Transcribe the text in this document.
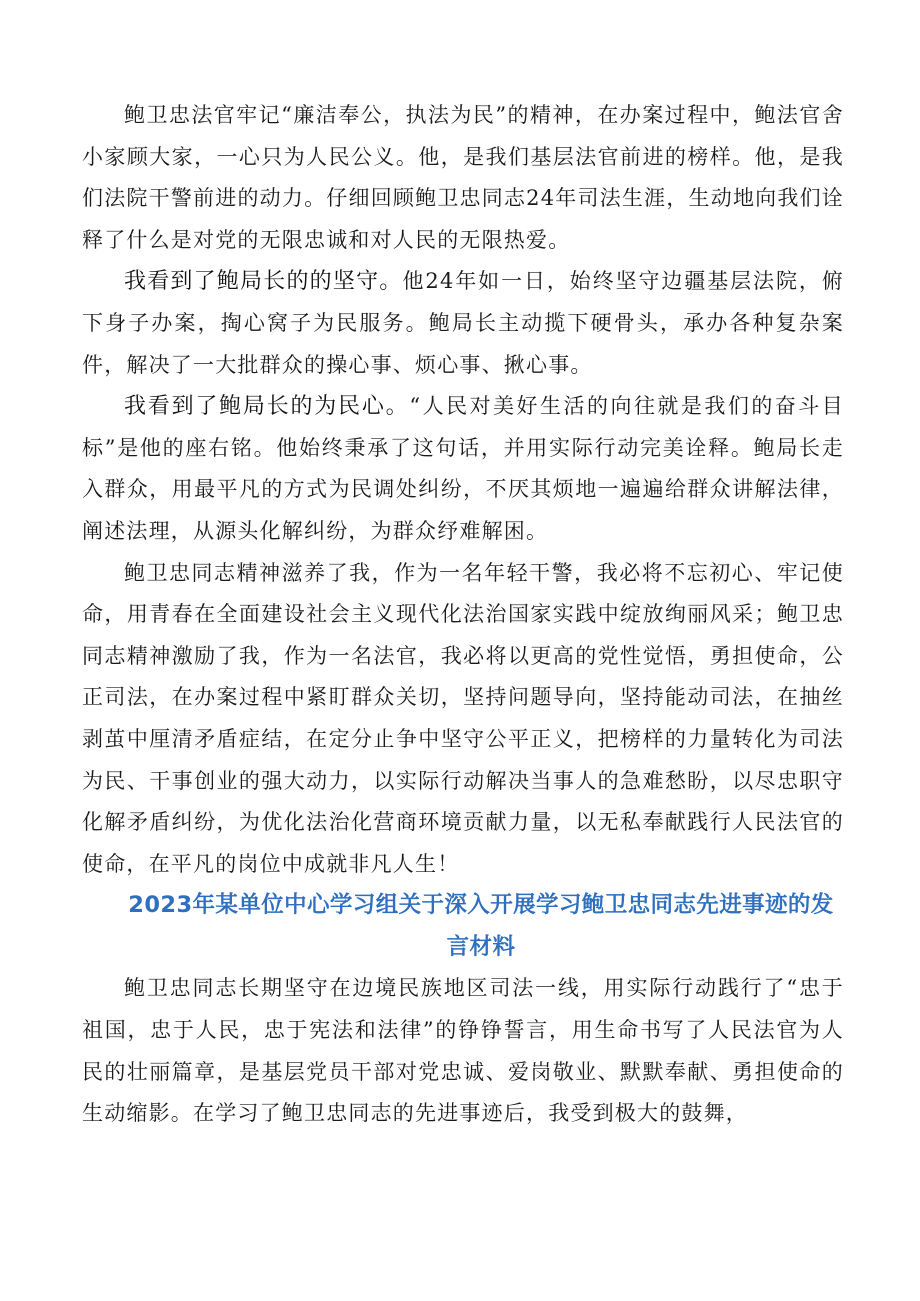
鲍卫忠法官牢记“廉洁奉公，执法为民”的精神，在办案过程中，鲍法官舍小家顾大家，一心只为人民公义。他，是我们基层法官前进的榜样。他，是我们法院干警前进的动力。仔细回顾鲍卫忠同志24年司法生涯，生动地向我们诠释了什么是对党的无限忠诚和对人民的无限热爱。

我看到了鲍局长的的坚守。他24年如一日，始终坚守边疆基层法院，俯下身子办案，掏心窝子为民服务。鲍局长主动揽下硬骨头，承办各种复杂案件，解决了一大批群众的操心事、烦心事、揪心事。

我看到了鲍局长的为民心。“人民对美好生活的向往就是我们的奋斗目标”是他的座右铭。他始终秉承了这句话，并用实际行动完美诠释。鲍局长走入群众，用最平凡的方式为民调处纠纷，不厌其烦地一遍遍给群众讲解法律，阐述法理，从源头化解纠纷，为群众纾难解困。

鲍卫忠同志精神滋养了我，作为一名年轻干警，我必将不忘初心、牢记使命，用青春在全面建设社会主义现代化法治国家实践中绽放绚丽风采；鲍卫忠同志精神激励了我，作为一名法官，我必将以更高的党性觉悟，勇担使命，公正司法，在办案过程中紧盯群众关切，坚持问题导向，坚持能动司法，在抽丝剥茧中厘清矛盾症结，在定分止争中坚守公平正义，把榜样的力量转化为司法为民、干事创业的强大动力，以实际行动解决当事人的急难愁盼，以尽忠职守化解矛盾纠纷，为优化法治化营商环境贡献力量，以无私奉献践行人民法官的使命，在平凡的岗位中成就非凡人生！

2023年某单位中心学习组关于深入开展学习鲍卫忠同志先进事迹的发言材料

鲍卫忠同志长期坚守在边境民族地区司法一线，用实际行动践行了“忠于祖国，忠于人民，忠于宪法和法律”的铮铮誓言，用生命书写了人民法官为人民的壮丽篇章，是基层党员干部对党忠诚、爱岗敬业、默默奉献、勇担使命的生动缩影。在学习了鲍卫忠同志的先进事迹后，我受到极大的鼓舞，
